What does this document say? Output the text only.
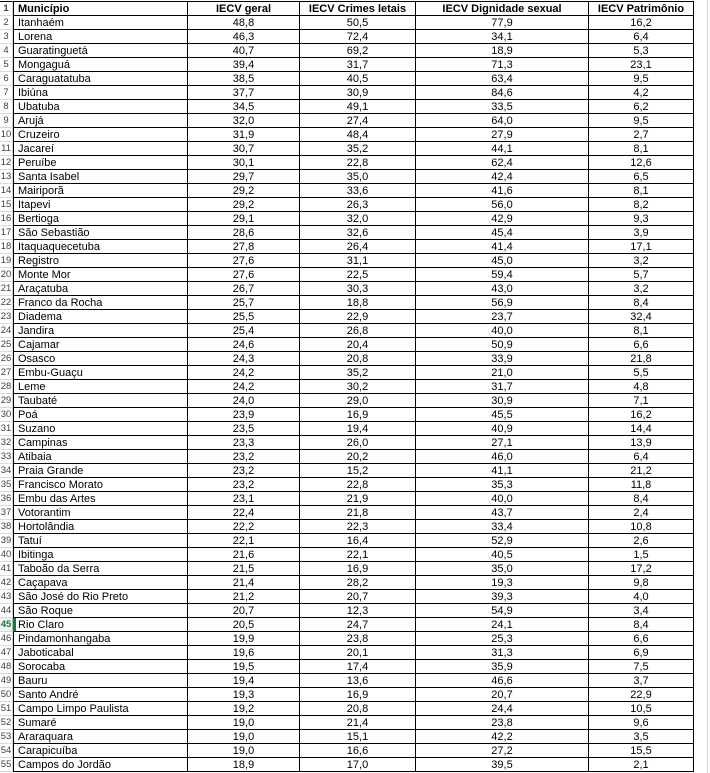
1	Município	IECV geral	IECV Crimes letais	IECV Dignidade sexual	IECV Patrimônio
2	Itanhaém	48,8	50,5	77,9	16,2
3	Lorena	46,3	72,4	34,1	6,4
4	Guaratinguetá	40,7	69,2	18,9	5,3
5	Mongaguá	39,4	31,7	71,3	23,1
6	Caraguatatuba	38,5	40,5	63,4	9,5
7	Ibiúna	37,7	30,9	84,6	4,2
8	Ubatuba	34,5	49,1	33,5	6,2
9	Arujá	32,0	27,4	64,0	9,5
10	Cruzeiro	31,9	48,4	27,9	2,7
11	Jacareí	30,7	35,2	44,1	8,1
12	Peruíbe	30,1	22,8	62,4	12,6
13	Santa Isabel	29,7	35,0	42,4	6,5
14	Mairiporã	29,2	33,6	41,6	8,1
15	Itapevi	29,2	26,3	56,0	8,2
16	Bertioga	29,1	32,0	42,9	9,3
17	São Sebastião	28,6	32,6	45,4	3,9
18	Itaquaquecetuba	27,8	26,4	41,4	17,1
19	Registro	27,6	31,1	45,0	3,2
20	Monte Mor	27,6	22,5	59,4	5,7
21	Araçatuba	26,7	30,3	43,0	3,2
22	Franco da Rocha	25,7	18,8	56,9	8,4
23	Diadema	25,5	22,9	23,7	32,4
24	Jandira	25,4	26,8	40,0	8,1
25	Cajamar	24,6	20,4	50,9	6,6
26	Osasco	24,3	20,8	33,9	21,8
27	Embu-Guaçu	24,2	35,2	21,0	5,5
28	Leme	24,2	30,2	31,7	4,8
29	Taubaté	24,0	29,0	30,9	7,1
30	Poá	23,9	16,9	45,5	16,2
31	Suzano	23,5	19,4	40,9	14,4
32	Campinas	23,3	26,0	27,1	13,9
33	Atibaia	23,2	20,2	46,0	6,4
34	Praia Grande	23,2	15,2	41,1	21,2
35	Francisco Morato	23,2	22,8	35,3	11,8
36	Embu das Artes	23,1	21,9	40,0	8,4
37	Votorantim	22,4	21,8	43,7	2,4
38	Hortolândia	22,2	22,3	33,4	10,8
39	Tatuí	22,1	16,4	52,9	2,6
40	Ibitinga	21,6	22,1	40,5	1,5
41	Taboão da Serra	21,5	16,9	35,0	17,2
42	Caçapava	21,4	28,2	19,3	9,8
43	São José do Rio Preto	21,2	20,7	39,3	4,0
44	São Roque	20,7	12,3	54,9	3,4
45	Rio Claro	20,5	24,7	24,1	8,4
46	Pindamonhangaba	19,9	23,8	25,3	6,6
47	Jaboticabal	19,6	20,1	31,3	6,9
48	Sorocaba	19,5	17,4	35,9	7,5
49	Bauru	19,4	13,6	46,6	3,7
50	Santo André	19,3	16,9	20,7	22,9
51	Campo Limpo Paulista	19,2	20,8	24,4	10,5
52	Sumaré	19,0	21,4	23,8	9,6
53	Araraquara	19,0	15,1	42,2	3,5
54	Carapicuíba	19,0	16,6	27,2	15,5
55	Campos do Jordão	18,9	17,0	39,5	2,1
